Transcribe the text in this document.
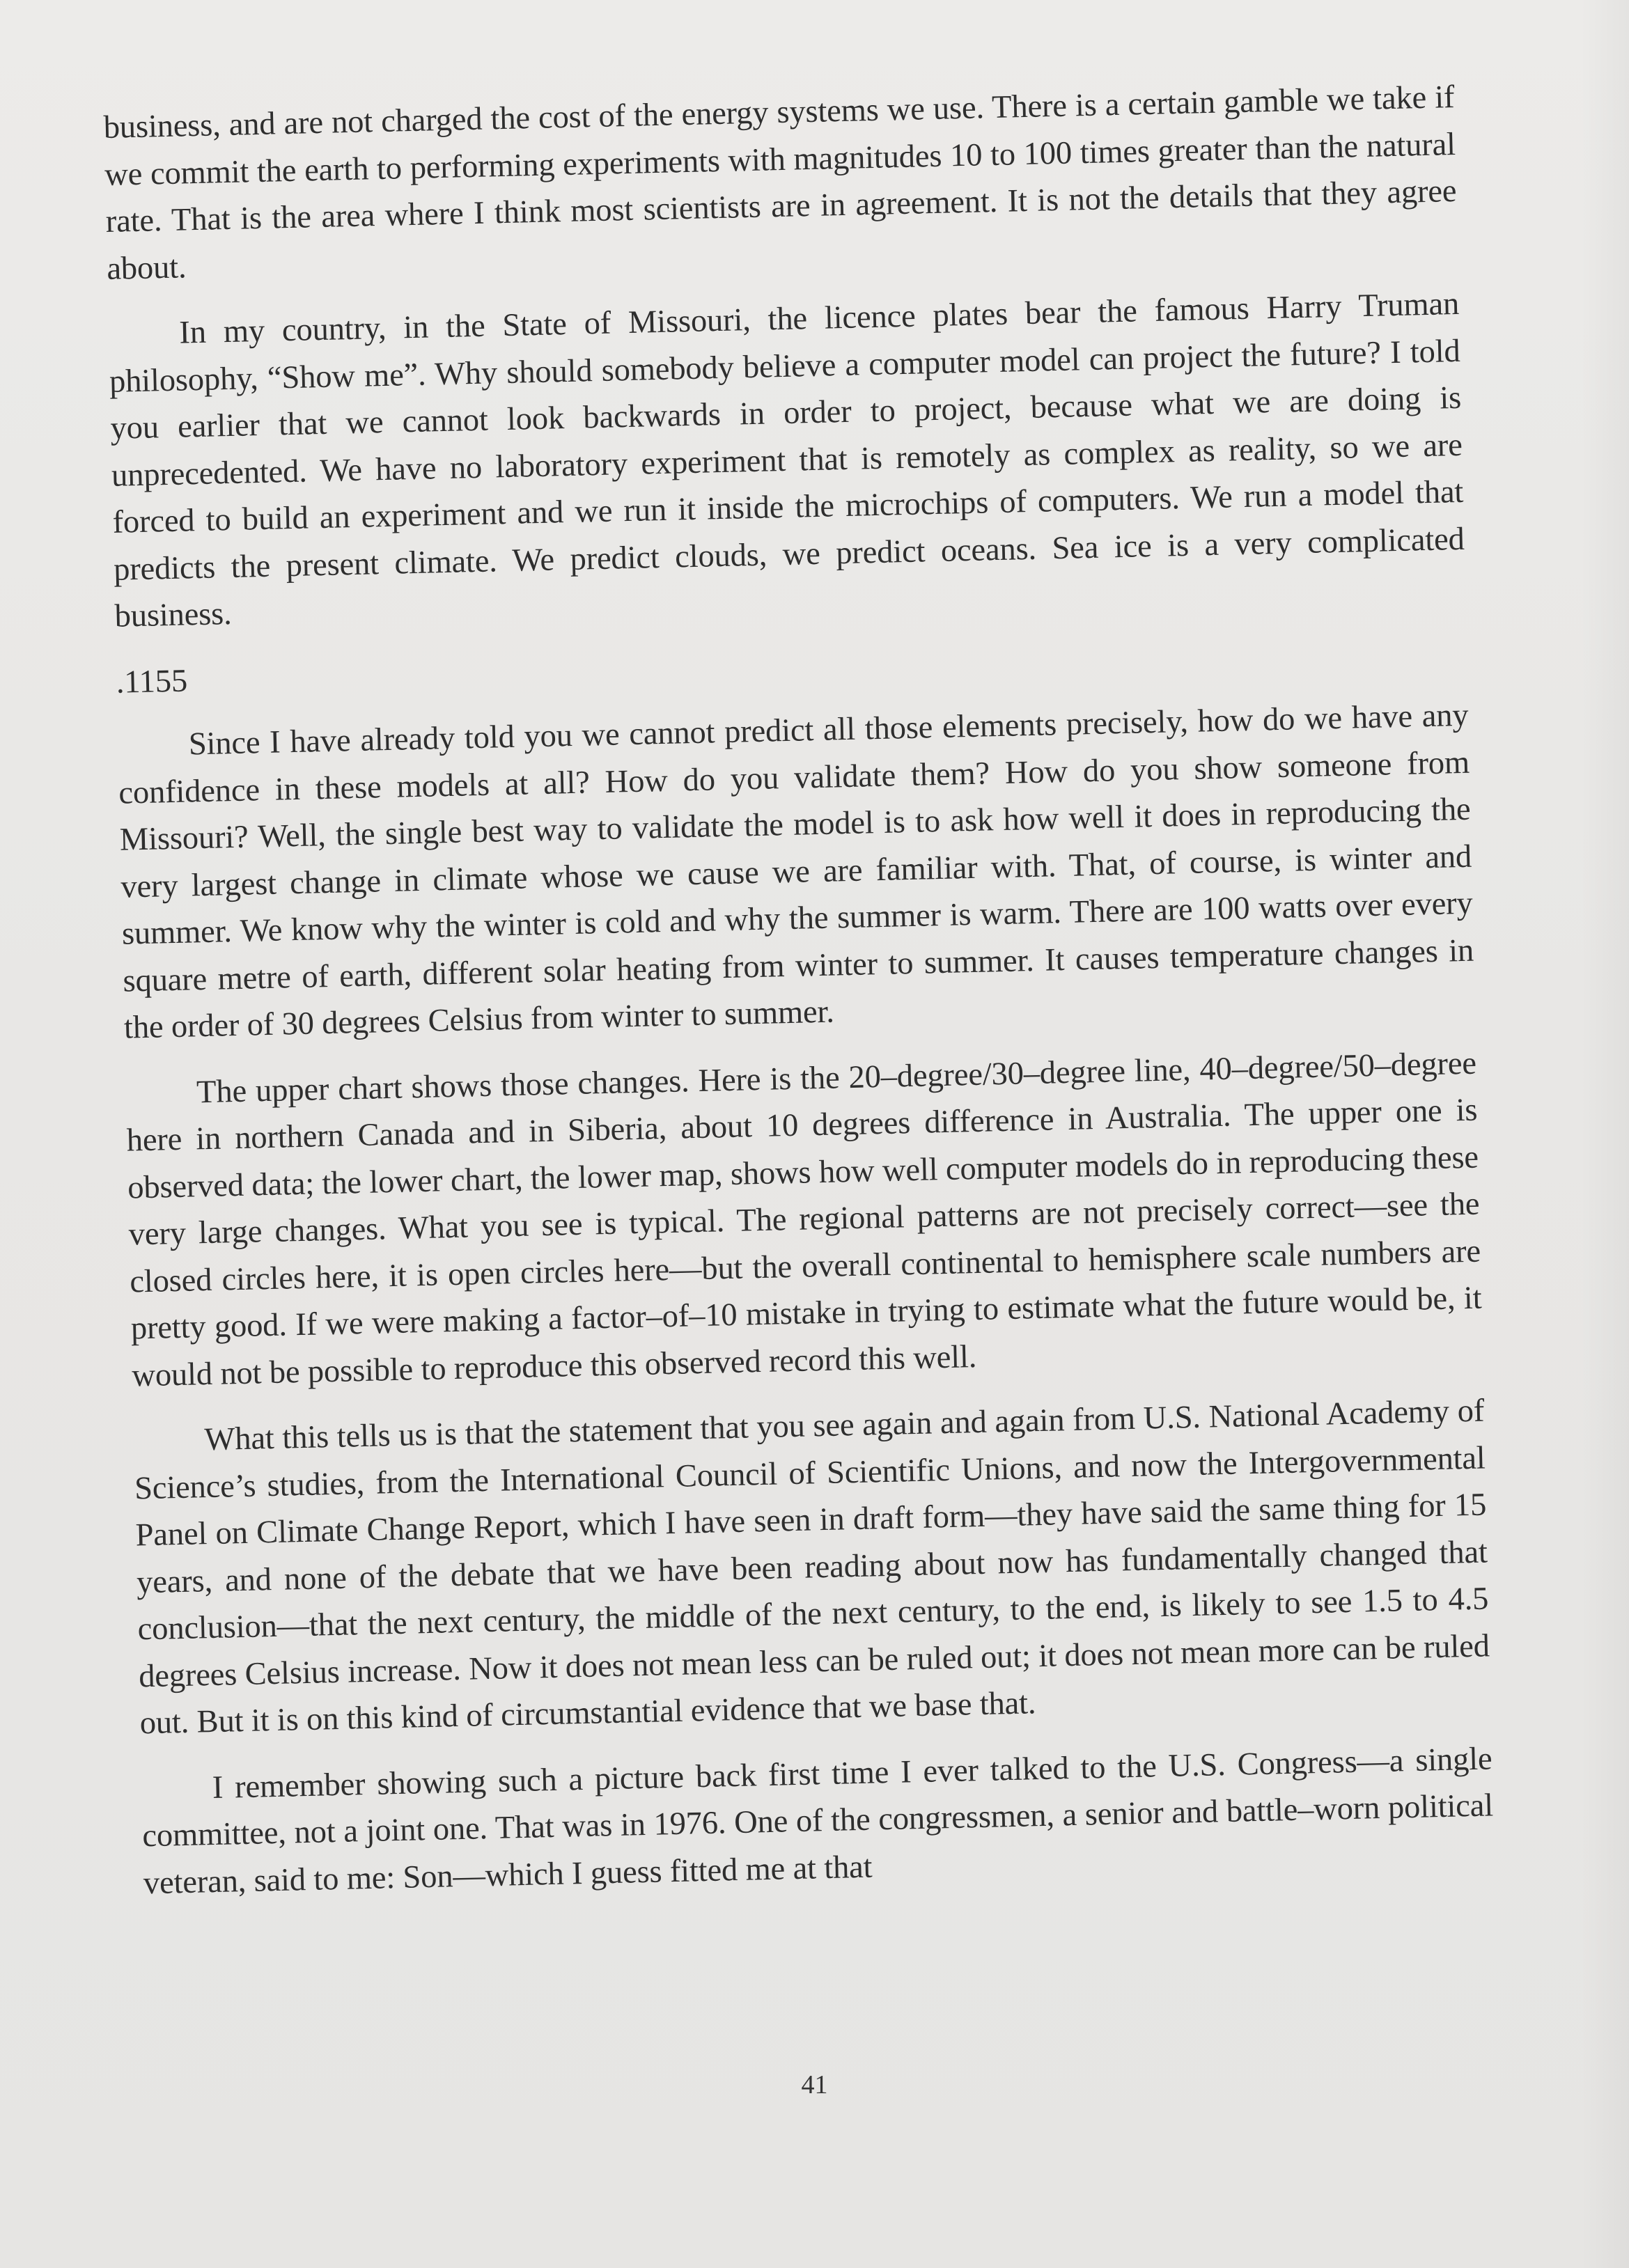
business, and are not charged the cost of the energy systems we use. There is a certain gamble we take if we commit the earth to performing experiments with magnitudes 10 to 100 times greater than the natural rate. That is the area where I think most scientists are in agreement. It is not the details that they agree about.

In my country, in the State of Missouri, the licence plates bear the famous Harry Truman philosophy, “Show me”. Why should somebody believe a computer model can project the future? I told you earlier that we cannot look backwards in order to project, because what we are doing is unprecedented. We have no laboratory experiment that is remotely as complex as reality, so we are forced to build an experiment and we run it inside the microchips of computers. We run a model that predicts the present climate. We predict clouds, we predict oceans. Sea ice is a very complicated business.

.1155

Since I have already told you we cannot predict all those elements precisely, how do we have any confidence in these models at all? How do you validate them? How do you show someone from Missouri? Well, the single best way to validate the model is to ask how well it does in reproducing the very largest change in climate whose we cause we are familiar with. That, of course, is winter and summer. We know why the winter is cold and why the summer is warm. There are 100 watts over every square metre of earth, different solar heating from winter to summer. It causes temperature changes in the order of 30 degrees Celsius from winter to summer.

The upper chart shows those changes. Here is the 20–degree/30–degree line, 40–degree/50–degree here in northern Canada and in Siberia, about 10 degrees difference in Australia. The upper one is observed data; the lower chart, the lower map, shows how well computer models do in reproducing these very large changes. What you see is typical. The regional patterns are not precisely correct—see the closed circles here, it is open circles here—but the overall continental to hemisphere scale numbers are pretty good. If we were making a factor–of–10 mistake in trying to estimate what the future would be, it would not be possible to reproduce this observed record this well.

What this tells us is that the statement that you see again and again from U.S. National Academy of Science’s studies, from the International Council of Scientific Unions, and now the Intergovernmental Panel on Climate Change Report, which I have seen in draft form—they have said the same thing for 15 years, and none of the debate that we have been reading about now has fundamentally changed that conclusion—that the next century, the middle of the next century, to the end, is likely to see 1.5 to 4.5 degrees Celsius increase. Now it does not mean less can be ruled out; it does not mean more can be ruled out. But it is on this kind of circumstantial evidence that we base that.

I remember showing such a picture back first time I ever talked to the U.S. Congress—a single committee, not a joint one. That was in 1976. One of the congressmen, a senior and battle–worn political veteran, said to me: Son—which I guess fitted me at that

41
